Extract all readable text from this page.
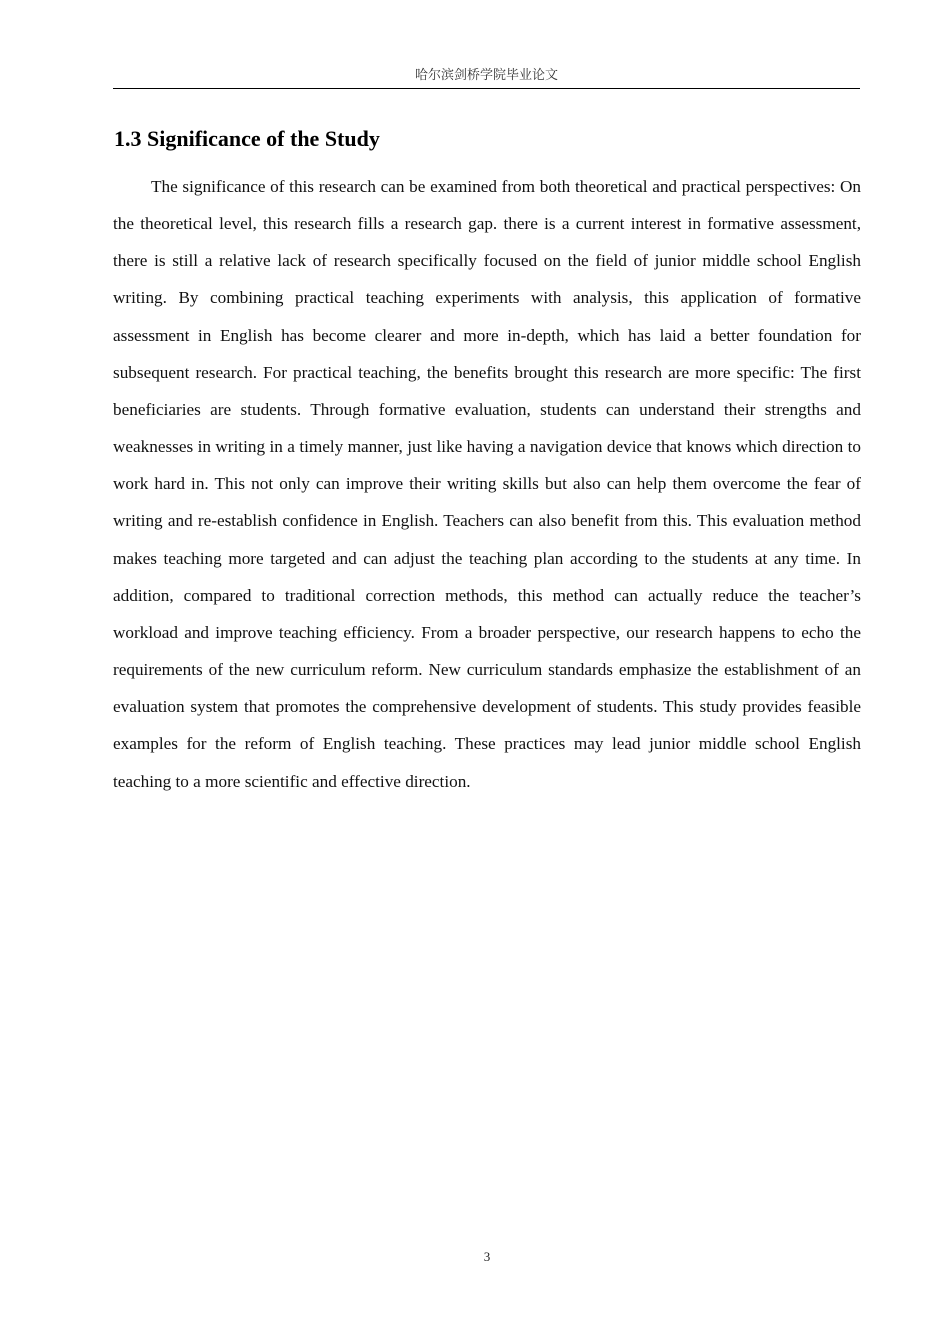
哈尔滨剑桥学院毕业论文
1.3 Significance of the Study

The significance of this research can be examined from both theoretical and practical perspectives: On the theoretical level, this research fills a research gap. there is a current interest in formative assessment, there is still a relative lack of research specifically focused on the field of junior middle school English writing. By combining practical teaching experiments with analysis, this application of formative assessment in English has become clearer and more in-depth, which has laid a better foundation for subsequent research. For practical teaching, the benefits brought this research are more specific: The first beneficiaries are students. Through formative evaluation, students can understand their strengths and weaknesses in writing in a timely manner, just like having a navigation device that knows which direction to work hard in. This not only can improve their writing skills but also can help them overcome the fear of writing and re-establish confidence in English. Teachers can also benefit from this. This evaluation method makes teaching more targeted and can adjust the teaching plan according to the students at any time. In addition, compared to traditional correction methods, this method can actually reduce the teacher’s workload and improve teaching efficiency. From a broader perspective, our research happens to echo the requirements of the new curriculum reform. New curriculum standards emphasize the establishment of an evaluation system that promotes the comprehensive development of students. This study provides feasible examples for the reform of English teaching. These practices may lead junior middle school English teaching to a more scientific and effective direction.

3
